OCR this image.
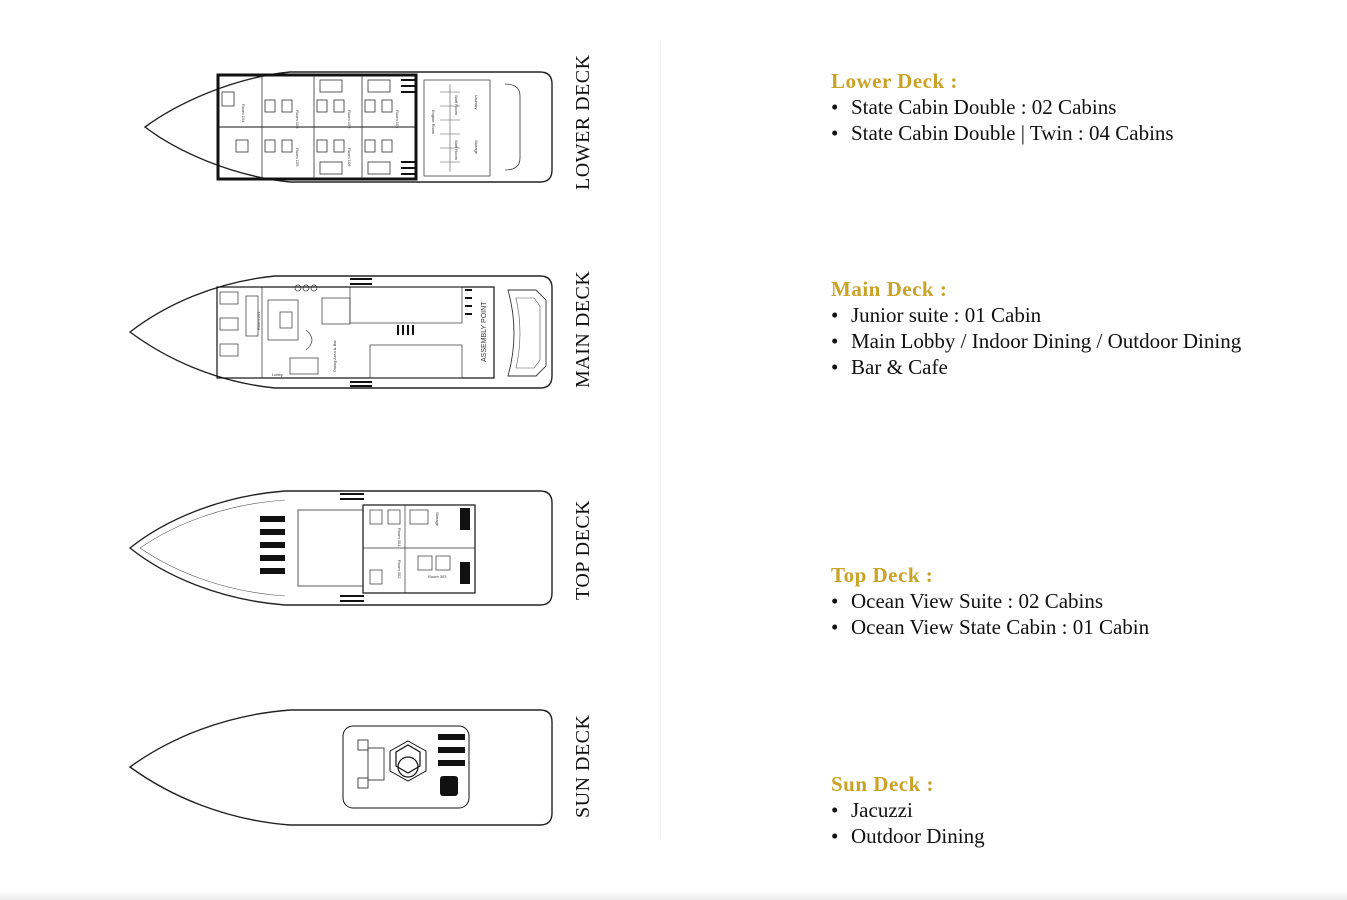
Room 104	Room 103	Room 102	Room 101
Room 105	Room 106
Engine Room
Staff Room	Laundry
Staff Room	Storage	LOWER DECK
Room 201
Lobby
Dining Area & Bar	ASSEMBLY POINT	MAIN DECK
Room 301
Room 302	Room 303
Storage	TOP DECK
SUN DECK
Lower Deck :
• State Cabin Double : 02 Cabins
• State Cabin Double | Twin : 04 Cabins
Main Deck :
• Junior suite : 01 Cabin
• Main Lobby / Indoor Dining / Outdoor Dining
• Bar & Cafe
Top Deck :
• Ocean View Suite : 02 Cabins
• Ocean View State Cabin : 01 Cabin
Sun Deck :
• Jacuzzi
• Outdoor Dining
